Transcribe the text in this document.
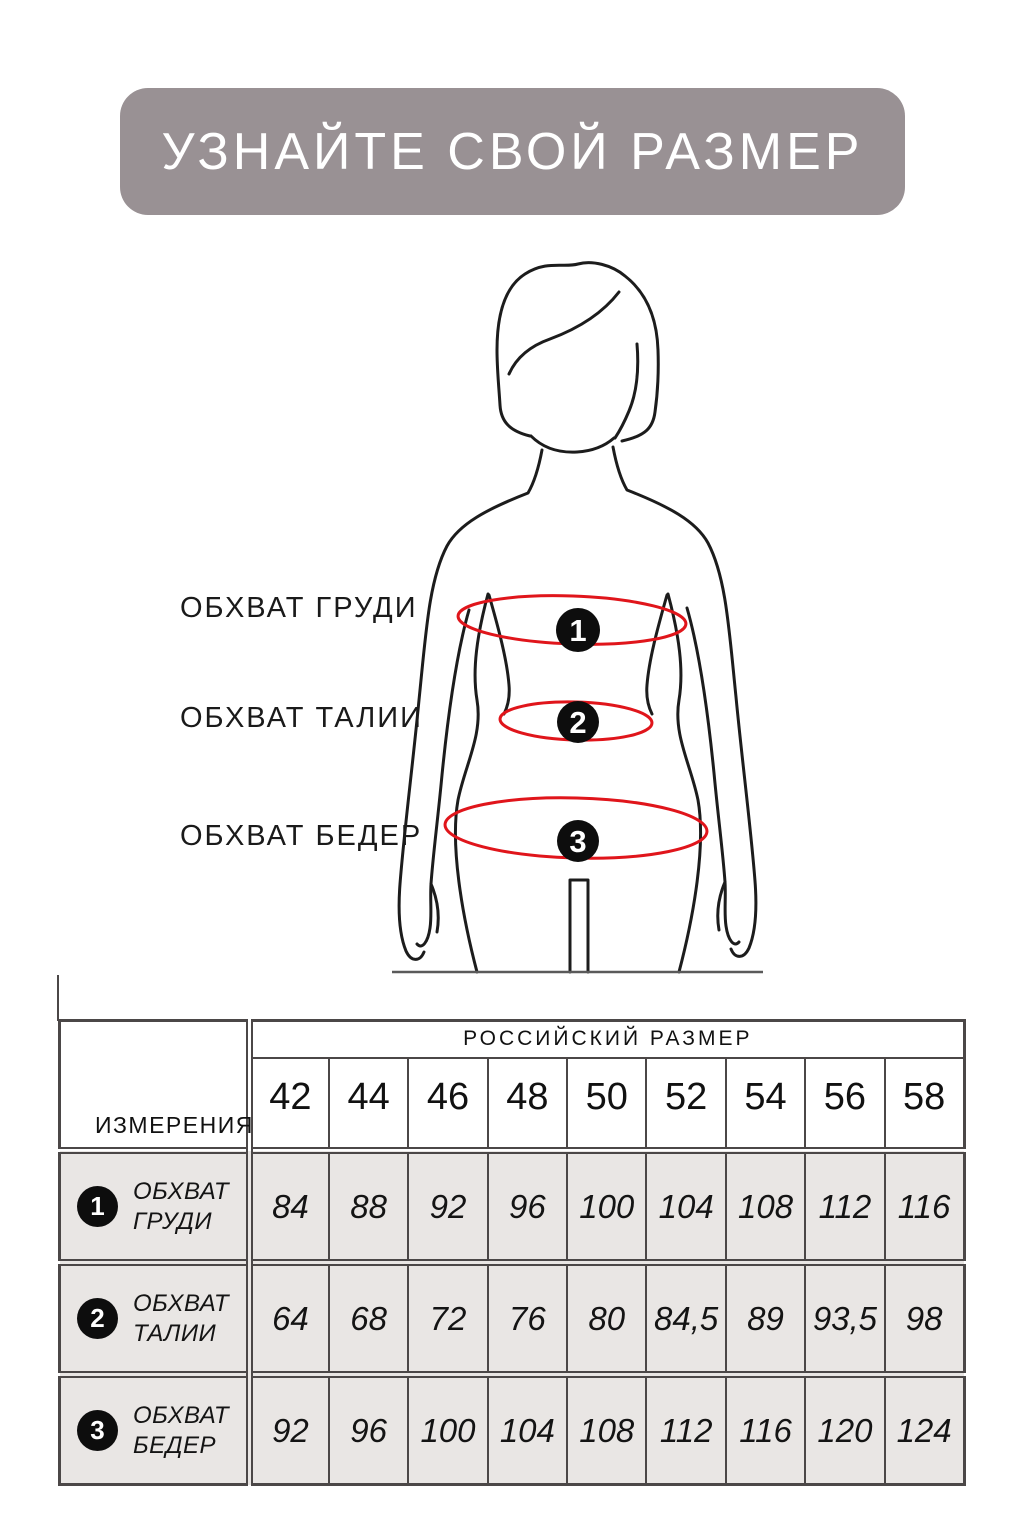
УЗНАЙТЕ СВОЙ РАЗМЕР
1
2
3
ОБХВАТ ГРУДИ
ОБХВАТ ТАЛИИ
ОБХВАТ БЕДЕР
ИЗМЕРЕНИЯ	РОССИЙСКИЙ РАЗМЕР								
	42	44	46	48	50	52	54	56	58

1 ОБХВАТ
ГРУДИ	84	88	92	96	100	104	108	112	116

2 ОБХВАТ
ТАЛИИ	64	68	72	76	80	84,5	89	93,5	98

3 ОБХВАТ
БЕДЕР	92	96	100	104	108	112	116	120	124
